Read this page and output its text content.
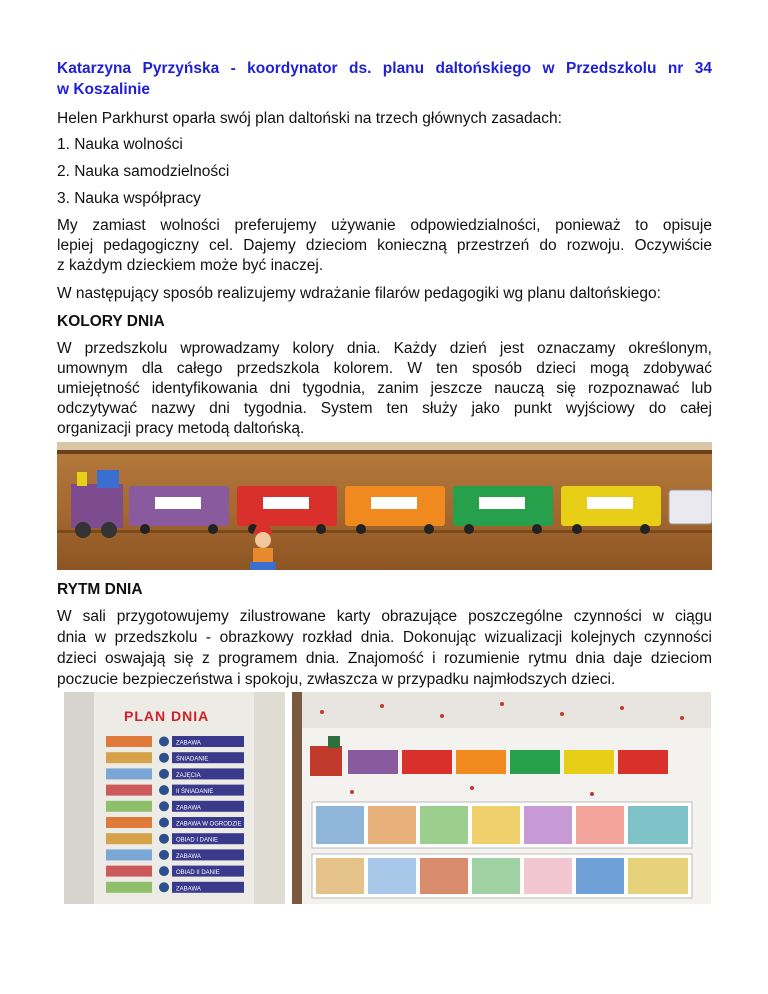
Katarzyna Pyrzyńska - koordynator ds. planu daltońskiego w Przedszkolu nr 34
w Koszalinie
Helen Parkhurst oparła swój plan daltoński na trzech głównych zasadach:
1. Nauka wolności
2. Nauka samodzielności
3. Nauka współpracy
My zamiast wolności preferujemy używanie odpowiedzialności, ponieważ to opisuje
lepiej pedagogiczny cel. Dajemy dzieciom konieczną przestrzeń do rozwoju. Oczywiście
z każdym dzieckiem może być inaczej.
W następujący sposób realizujemy wdrażanie filarów pedagogiki wg planu daltońskiego:
KOLORY DNIA
W przedszkolu wprowadzamy kolory dnia. Każdy dzień jest oznaczamy określonym,
umownym dla całego przedszkola kolorem. W ten sposób dzieci mogą zdobywać
umiejętność identyfikowania dni tygodnia, zanim jeszcze nauczą się rozpoznawać lub
odczytywać nazwy dni tygodnia. System ten służy jako punkt wyjściowy do całej
organizacji pracy metodą daltońską.
RYTM DNIA
W sali przygotowujemy zilustrowane karty obrazujące poszczególne czynności w ciągu
dnia w przedszkolu - obrazkowy rozkład dnia. Dokonując wizualizacji kolejnych czynności
dzieci oswajają się z programem dnia. Znajomość i rozumienie rytmu dnia daje dzieciom
poczucie bezpieczeństwa i spokoju, zwłaszcza w przypadku najmłodszych dzieci.
PLAN DNIA
ZABAWA
ŚNIADANIE
ZAJĘCIA
II ŚNIADANIE
ZABAWA
ZABAWA W OGRODZIE
OBIAD I DANIE
ZABAWA
OBIAD II DANIE
ZABAWA
